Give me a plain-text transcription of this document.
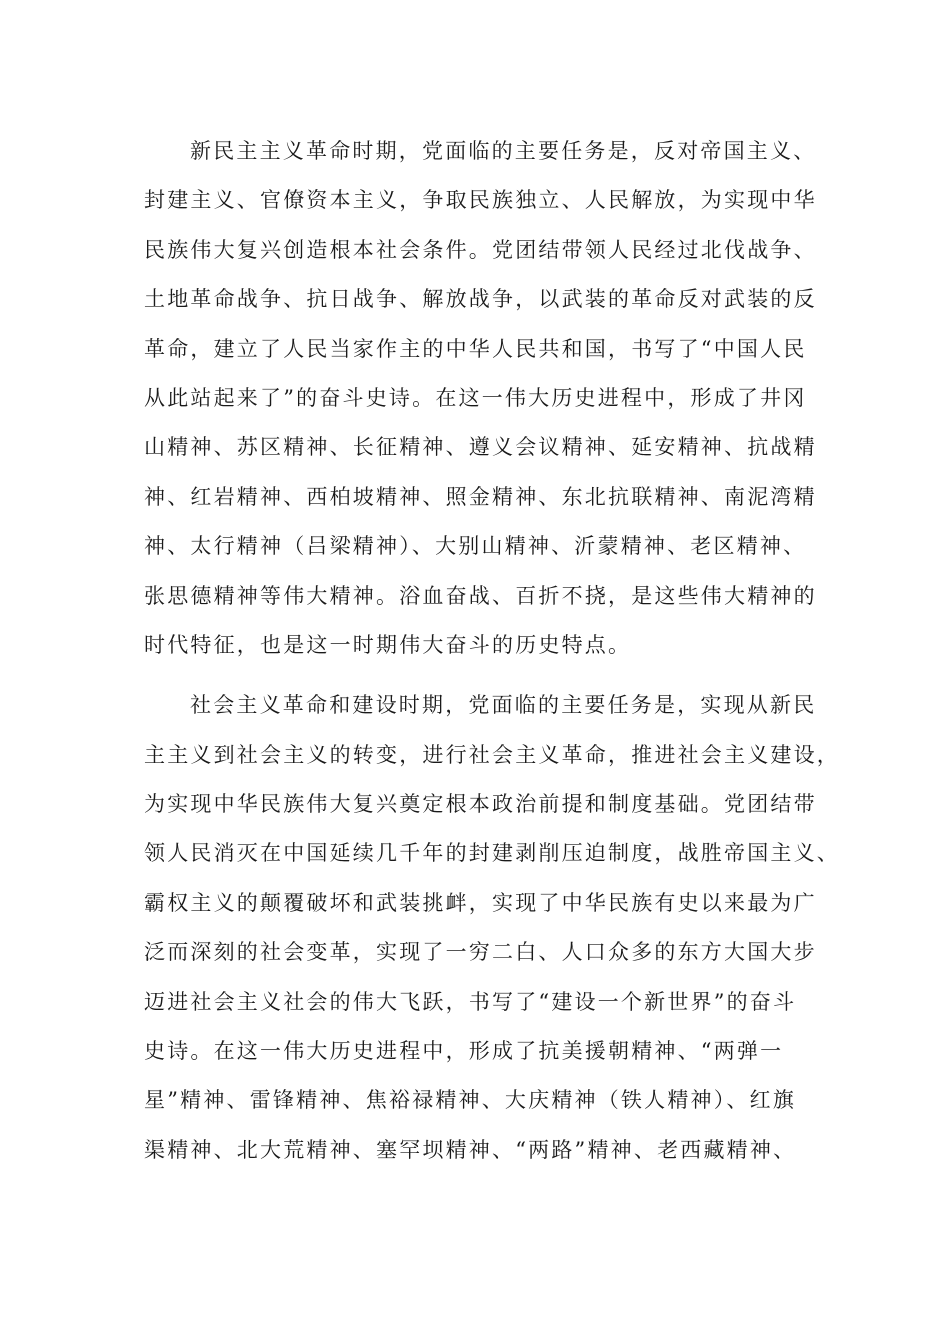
新民主主义革命时期，党面临的主要任务是，反对帝国主义、
封建主义、官僚资本主义，争取民族独立、人民解放，为实现中华
民族伟大复兴创造根本社会条件。党团结带领人民经过北伐战争、
土地革命战争、抗日战争、解放战争，以武装的革命反对武装的反
革命，建立了人民当家作主的中华人民共和国，书写了“中国人民
从此站起来了”的奋斗史诗。在这一伟大历史进程中，形成了井冈
山精神、苏区精神、长征精神、遵义会议精神、延安精神、抗战精
神、红岩精神、西柏坡精神、照金精神、东北抗联精神、南泥湾精
神、太行精神（吕梁精神）、大别山精神、沂蒙精神、老区精神、
张思德精神等伟大精神。浴血奋战、百折不挠，是这些伟大精神的
时代特征，也是这一时期伟大奋斗的历史特点。
社会主义革命和建设时期，党面临的主要任务是，实现从新民
主主义到社会主义的转变，进行社会主义革命，推进社会主义建设，
为实现中华民族伟大复兴奠定根本政治前提和制度基础。党团结带
领人民消灭在中国延续几千年的封建剥削压迫制度，战胜帝国主义、
霸权主义的颠覆破坏和武装挑衅，实现了中华民族有史以来最为广
泛而深刻的社会变革，实现了一穷二白、人口众多的东方大国大步
迈进社会主义社会的伟大飞跃，书写了“建设一个新世界”的奋斗
史诗。在这一伟大历史进程中，形成了抗美援朝精神、“两弹一
星”精神、雷锋精神、焦裕禄精神、大庆精神（铁人精神）、红旗
渠精神、北大荒精神、塞罕坝精神、“两路”精神、老西藏精神、
